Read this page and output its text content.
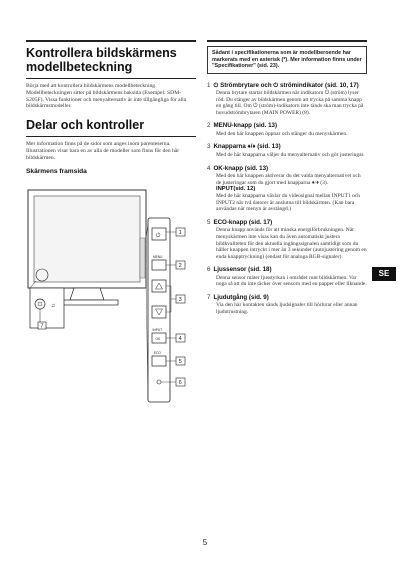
Kontrollera bildskärmens modellbeteckning

Börja med att kontrollera bildskärmens modellbeteckning. Modellbeteckningen sitter på bildskärmens baksida (Exempel: SDM-S205F). Vissa funktioner och menyalternativ är inte tillgängliga för alla bildskärmsmodeller.

Delar och kontroller

Mer information finns på de sidor som anges inom parenteserna. Illustrationen visar bara en av alla de modeller som finns för den här bildskärmen.

Skärmens framsida
♫
7
⏻	1
MENU
2
3
INPUT
OK	4
ECO
5
6
Sådant i specifikationerna som är modellberoende har markerats med en asterisk (*). Mer information finns under "Specifikationer" (sid. 23).
1 ⏻ Strömbrytare och ⏻ strömindikator (sid. 10, 17)
Denna brytare startar bildskärmen när indikatorn ⏻ (ström) lyser röd. Du stänger av bildskärmen genom att trycka på samma knapp en gång till. Om ⏻ (ström)-indikatorn inte tänds ska man trycka på huvudströmbrytaren (MAIN POWER) (8).
2 MENU-knapp (sid. 13)
Med den här knappen öppnar och stänger du menyskärmen.
3 Knapparna ♦/♦ (sid. 13)
Med de här knapparna väljer du menyalternativ och gör justeringar.
4 OK-knapp (sid. 13)
Med den här knappen aktiverar du det valda menyalternativet och de justeringar som du gjort med knapparna ♦/♦ (3).
INPUT(sid. 12)
Med de här knapparna växlar du videosignal mellan INPUT1 och INPUT2 när två datorer är anslutna till bildskärmen. (Kan bara användas när menyn är avstängd.)
5 ECO-knapp (sid. 17)
Denna knapp används för att minska energiförbrukningen. När menyskärmen inte visas kan du även automatiskt justera bildkvaliteten för den aktuella ingångssignalen samtidigt som du håller knappen intryckt i mer än 3 sekunder (autojustering genom en enda knapptryckning) (endast för analoga RGB-signaler).
6 Ljussensor (sid. 18)
Denna sensor mäter ljusstyrkan i området runt bildskärmen. Var noga så att du inte täcker över sensorn med en papper eller liknande.
7 Ljudutgång (sid. 9)
Via den här kontakten sänds ljudsignaler till hörlurar eller annan ljudutrustning.
SE
5
